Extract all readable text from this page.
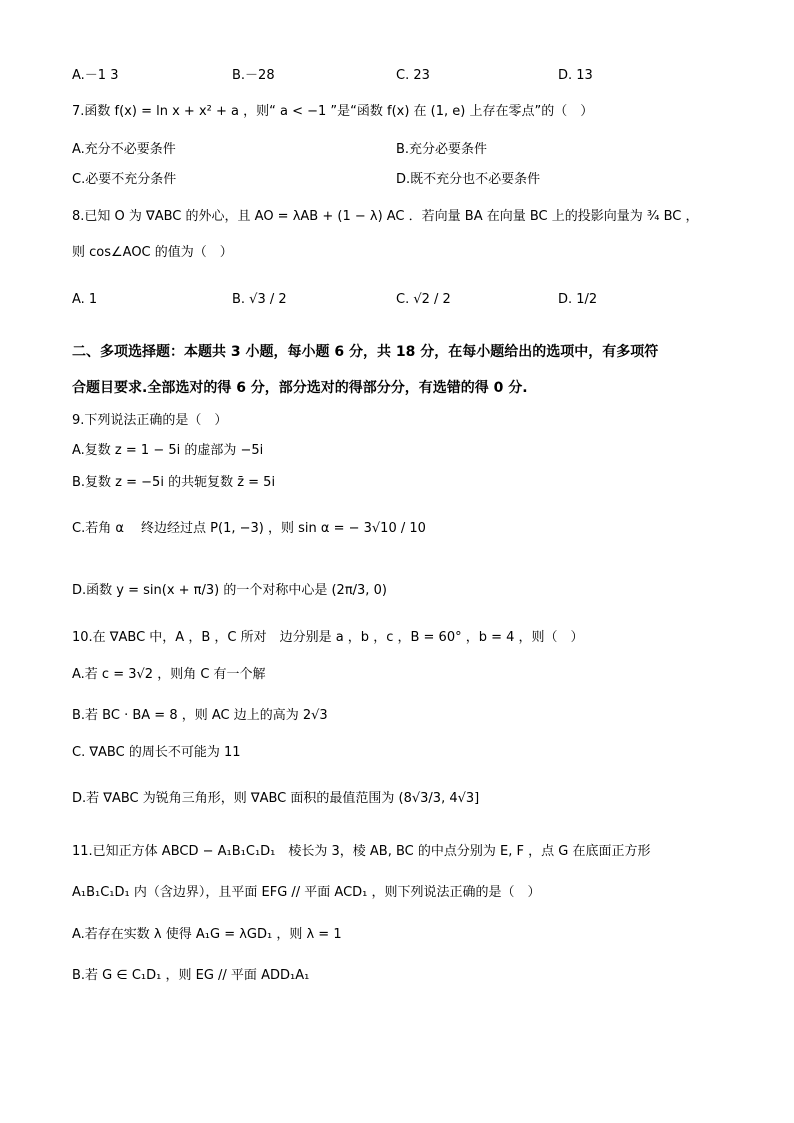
A.－1 3	B.－28	C. 23	D. 13
7.函数 f(x) = ln x + x² + a ，则“ a < −1 ”是“函数 f(x) 在 (1, e) 上存在零点”的（　）
A.充分不必要条件	B.充分必要条件
C.必要不充分条件	D.既不充分也不必要条件
8.已知 O 为 ∇ABC 的外心，且 AO = λAB + (1 − λ) AC ．若向量 BA 在向量 BC 上的投影向量为 ³⁄₄ BC ，
则 cos∠AOC 的值为（　）
A. 1	B. √3 / 2	C. √2 / 2	D. 1/2
二、多项选择题：本题共 3 小题，每小题 6 分，共 18 分，在每小题给出的选项中，有多项符
合题目要求.全部选对的得 6 分，部分选对的得部分分，有选错的得 0 分.
9.下列说法正确的是（　）
A.复数 z = 1 − 5i 的虚部为 −5i
B.复数 z = −5i 的共轭复数 z̄ = 5i
C.若角 α 　终边经过点 P(1, −3) ，则 sin α = − 3√10 / 10
D.函数 y = sin(x + π/3) 的一个对称中心是 (2π/3, 0)
10.在 ∇ABC 中，A ，B ，C 所对　边分别是 a ，b ，c ，B = 60° ，b = 4 ，则（　）
A.若 c = 3√2 ，则角 C 有一个解
B.若 BC · BA = 8 ，则 AC 边上的高为 2√3
C. ∇ABC 的周长不可能为 11
D.若 ∇ABC 为锐角三角形，则 ∇ABC 面积的最值范围为 (8√3/3, 4√3]
11.已知正方体 ABCD − A₁B₁C₁D₁　棱长为 3，棱 AB, BC 的中点分别为 E, F ，点 G 在底面正方形
A₁B₁C₁D₁ 内（含边界），且平面 EFG // 平面 ACD₁ ，则下列说法正确的是（　）
A.若存在实数 λ 使得 A₁G = λGD₁ ，则 λ = 1
B.若 G ∈ C₁D₁ ，则 EG // 平面 ADD₁A₁
